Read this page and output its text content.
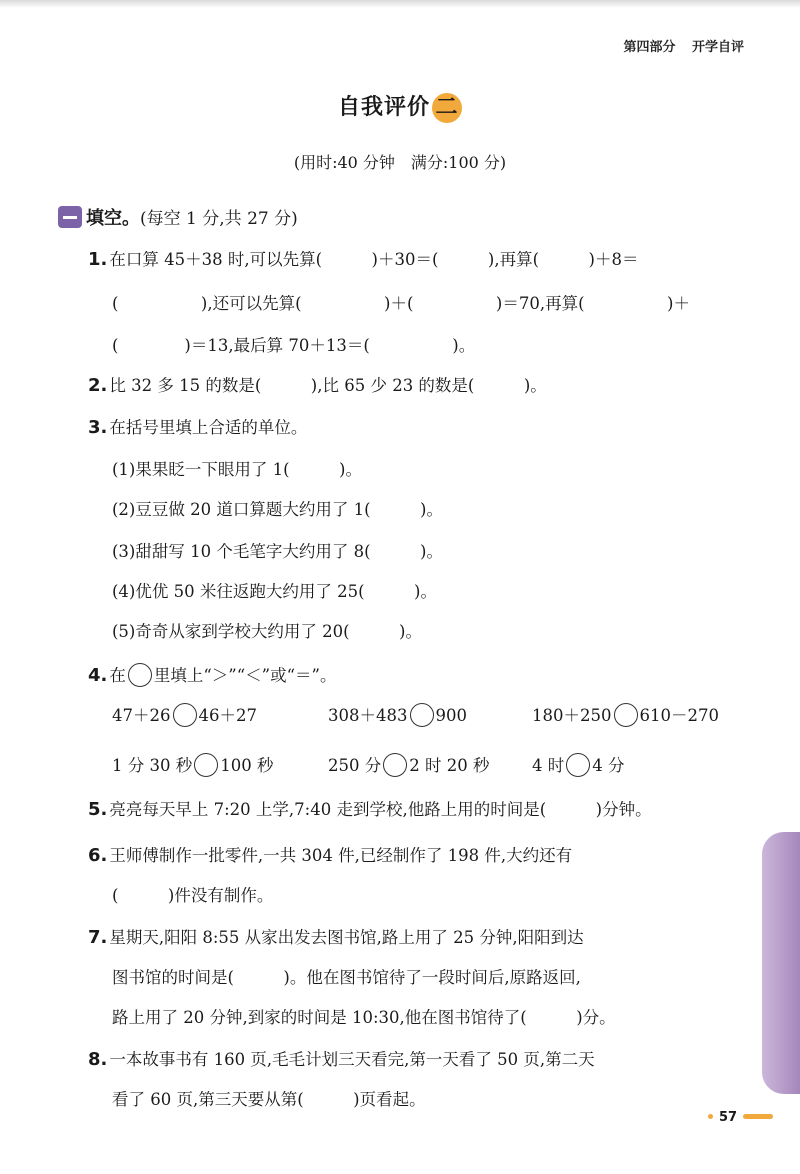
第四部分 开学自评
自我评价 二
(用时:40 分钟　满分:100 分)
填空。(每空 1 分,共 27 分)
1. 在口算 45＋38 时,可以先算(　　　)＋30＝(　　　),再算(　　　)＋8＝
(　　　　　),还可以先算(　　　　　)＋(　　　　　)＝70,再算(　　　　　)＋
(　　　　)＝13,最后算 70＋13＝(　　　　　)。
2. 比 32 多 15 的数是(　　　),比 65 少 23 的数是(　　　)。
3. 在括号里填上合适的单位。
(1)果果眨一下眼用了 1(　　　)。
(2)豆豆做 20 道口算题大约用了 1(　　　)。
(3)甜甜写 10 个毛笔字大约用了 8(　　　)。
(4)优优 50 米往返跑大约用了 25(　　　)。
(5)奇奇从家到学校大约用了 20(　　　)。
4. 在 里填上“＞”“＜”或“＝”。
47＋26 46＋27	308＋483 900	180＋250 610－270
1 分 30 秒 100 秒	250 分 2 时 20 秒	4 时 4 分
5. 亮亮每天早上 7:20 上学,7:40 走到学校,他路上用的时间是(　　　)分钟。
6. 王师傅制作一批零件,一共 304 件,已经制作了 198 件,大约还有
(　　　)件没有制作。
7. 星期天,阳阳 8:55 从家出发去图书馆,路上用了 25 分钟,阳阳到达
图书馆的时间是(　　　)。他在图书馆待了一段时间后,原路返回,
路上用了 20 分钟,到家的时间是 10:30,他在图书馆待了(　　　)分。
8. 一本故事书有 160 页,毛毛计划三天看完,第一天看了 50 页,第二天
看了 60 页,第三天要从第(　　　)页看起。
57
